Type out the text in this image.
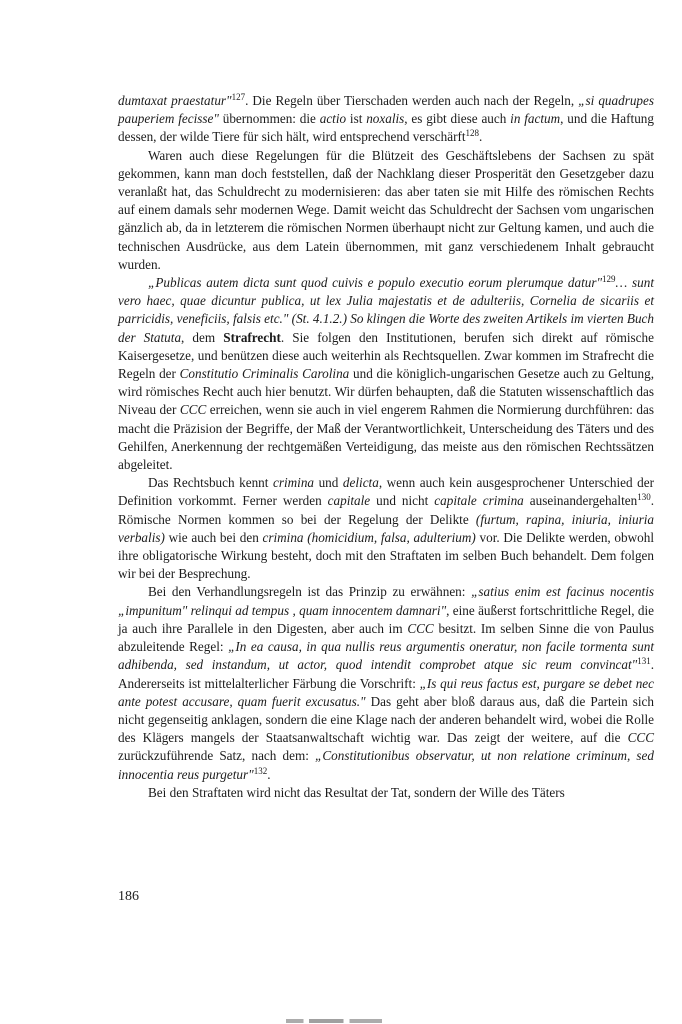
dumtaxat praestatur"$^{127}$. Die Regeln über Tierschaden werden auch nach der Regeln, „si quadrupes pauperiem fecisse" übernommen: die actio ist noxalis, es gibt diese auch in factum, und die Haftung dessen, der wilde Tiere für sich hält, wird entsprechend verschärft$^{128}$.

Waren auch diese Regelungen für die Blützeit des Geschäftslebens der Sachsen zu spät gekommen, kann man doch feststellen, daß der Nachklang dieser Prosperität den Gesetzgeber dazu veranlaßt hat, das Schuldrecht zu modernisieren: das aber taten sie mit Hilfe des römischen Rechts auf einem damals sehr modernen Wege. Damit weicht das Schuldrecht der Sachsen vom ungarischen gänzlich ab, da in letzterem die römischen Normen überhaupt nicht zur Geltung kamen, und auch die technischen Ausdrücke, aus dem Latein übernommen, mit ganz verschiedenem Inhalt gebraucht wurden.

„Publicas autem dicta sunt quod cuivis e populo executio eorum plerumque datur"$^{129}$… sunt vero haec, quae dicuntur publica, ut lex Julia majestatis et de adulteriis, Cornelia de sicariis et parricidis, veneficiis, falsis etc." (St. 4.1.2.) So klingen die Worte des zweiten Artikels im vierten Buch der Statuta, dem Strafrecht. Sie folgen den Institutionen, berufen sich direkt auf römische Kaisergesetze, und benützen diese auch weiterhin als Rechtsquellen. Zwar kommen im Strafrecht die Regeln der Constitutio Criminalis Carolina und die königlich-ungarischen Gesetze auch zu Geltung, wird römisches Recht auch hier benutzt. Wir dürfen behaupten, daß die Statuten wissenschaftlich das Niveau der CCC erreichen, wenn sie auch in viel engerem Rahmen die Normierung durchführen: das macht die Präzision der Begriffe, der Maß der Verantwortlichkeit, Unterscheidung des Täters und des Gehilfen, Anerkennung der rechtgemäßen Verteidigung, das meiste aus den römischen Rechtssätzen abgeleitet.

Das Rechtsbuch kennt crimina und delicta, wenn auch kein ausgesprochener Unterschied der Definition vorkommt. Ferner werden capitale und nicht capitale crimina auseinandergehalten$^{130}$. Römische Normen kommen so bei der Regelung der Delikte (furtum, rapina, iniuria, iniuria verbalis) wie auch bei den crimina (homicidium, falsa, adulterium) vor. Die Delikte werden, obwohl ihre obligatorische Wirkung besteht, doch mit den Straftaten im selben Buch behandelt. Dem folgen wir bei der Besprechung.

Bei den Verhandlungsregeln ist das Prinzip zu erwähnen: „satius enim est facinus nocentis „impunitum" relinqui ad tempus , quam innocentem damnari", eine äußerst fortschrittliche Regel, die ja auch ihre Parallele in den Digesten, aber auch im CCC besitzt. Im selben Sinne die von Paulus abzuleitende Regel: „In ea causa, in qua nullis reus argumentis oneratur, non facile tormenta sunt adhibenda, sed instandum, ut actor, quod intendit comprobet atque sic reum convincat"$^{131}$. Andererseits ist mittelalterlicher Färbung die Vorschrift: „Is qui reus factus est, purgare se debet nec ante potest accusare, quam fuerit excusatus." Das geht aber bloß daraus aus, daß die Partein sich nicht gegenseitig anklagen, sondern die eine Klage nach der anderen behandelt wird, wobei die Rolle des Klägers mangels der Staatsanwaltschaft wichtig war. Das zeigt der weitere, auf die CCC zurückzuführende Satz, nach dem: „Constitutionibus observatur, ut non relatione criminum, sed innocentia reus purgetur"$^{132}$.

Bei den Straftaten wird nicht das Resultat der Tat, sondern der Wille des Täters

186
